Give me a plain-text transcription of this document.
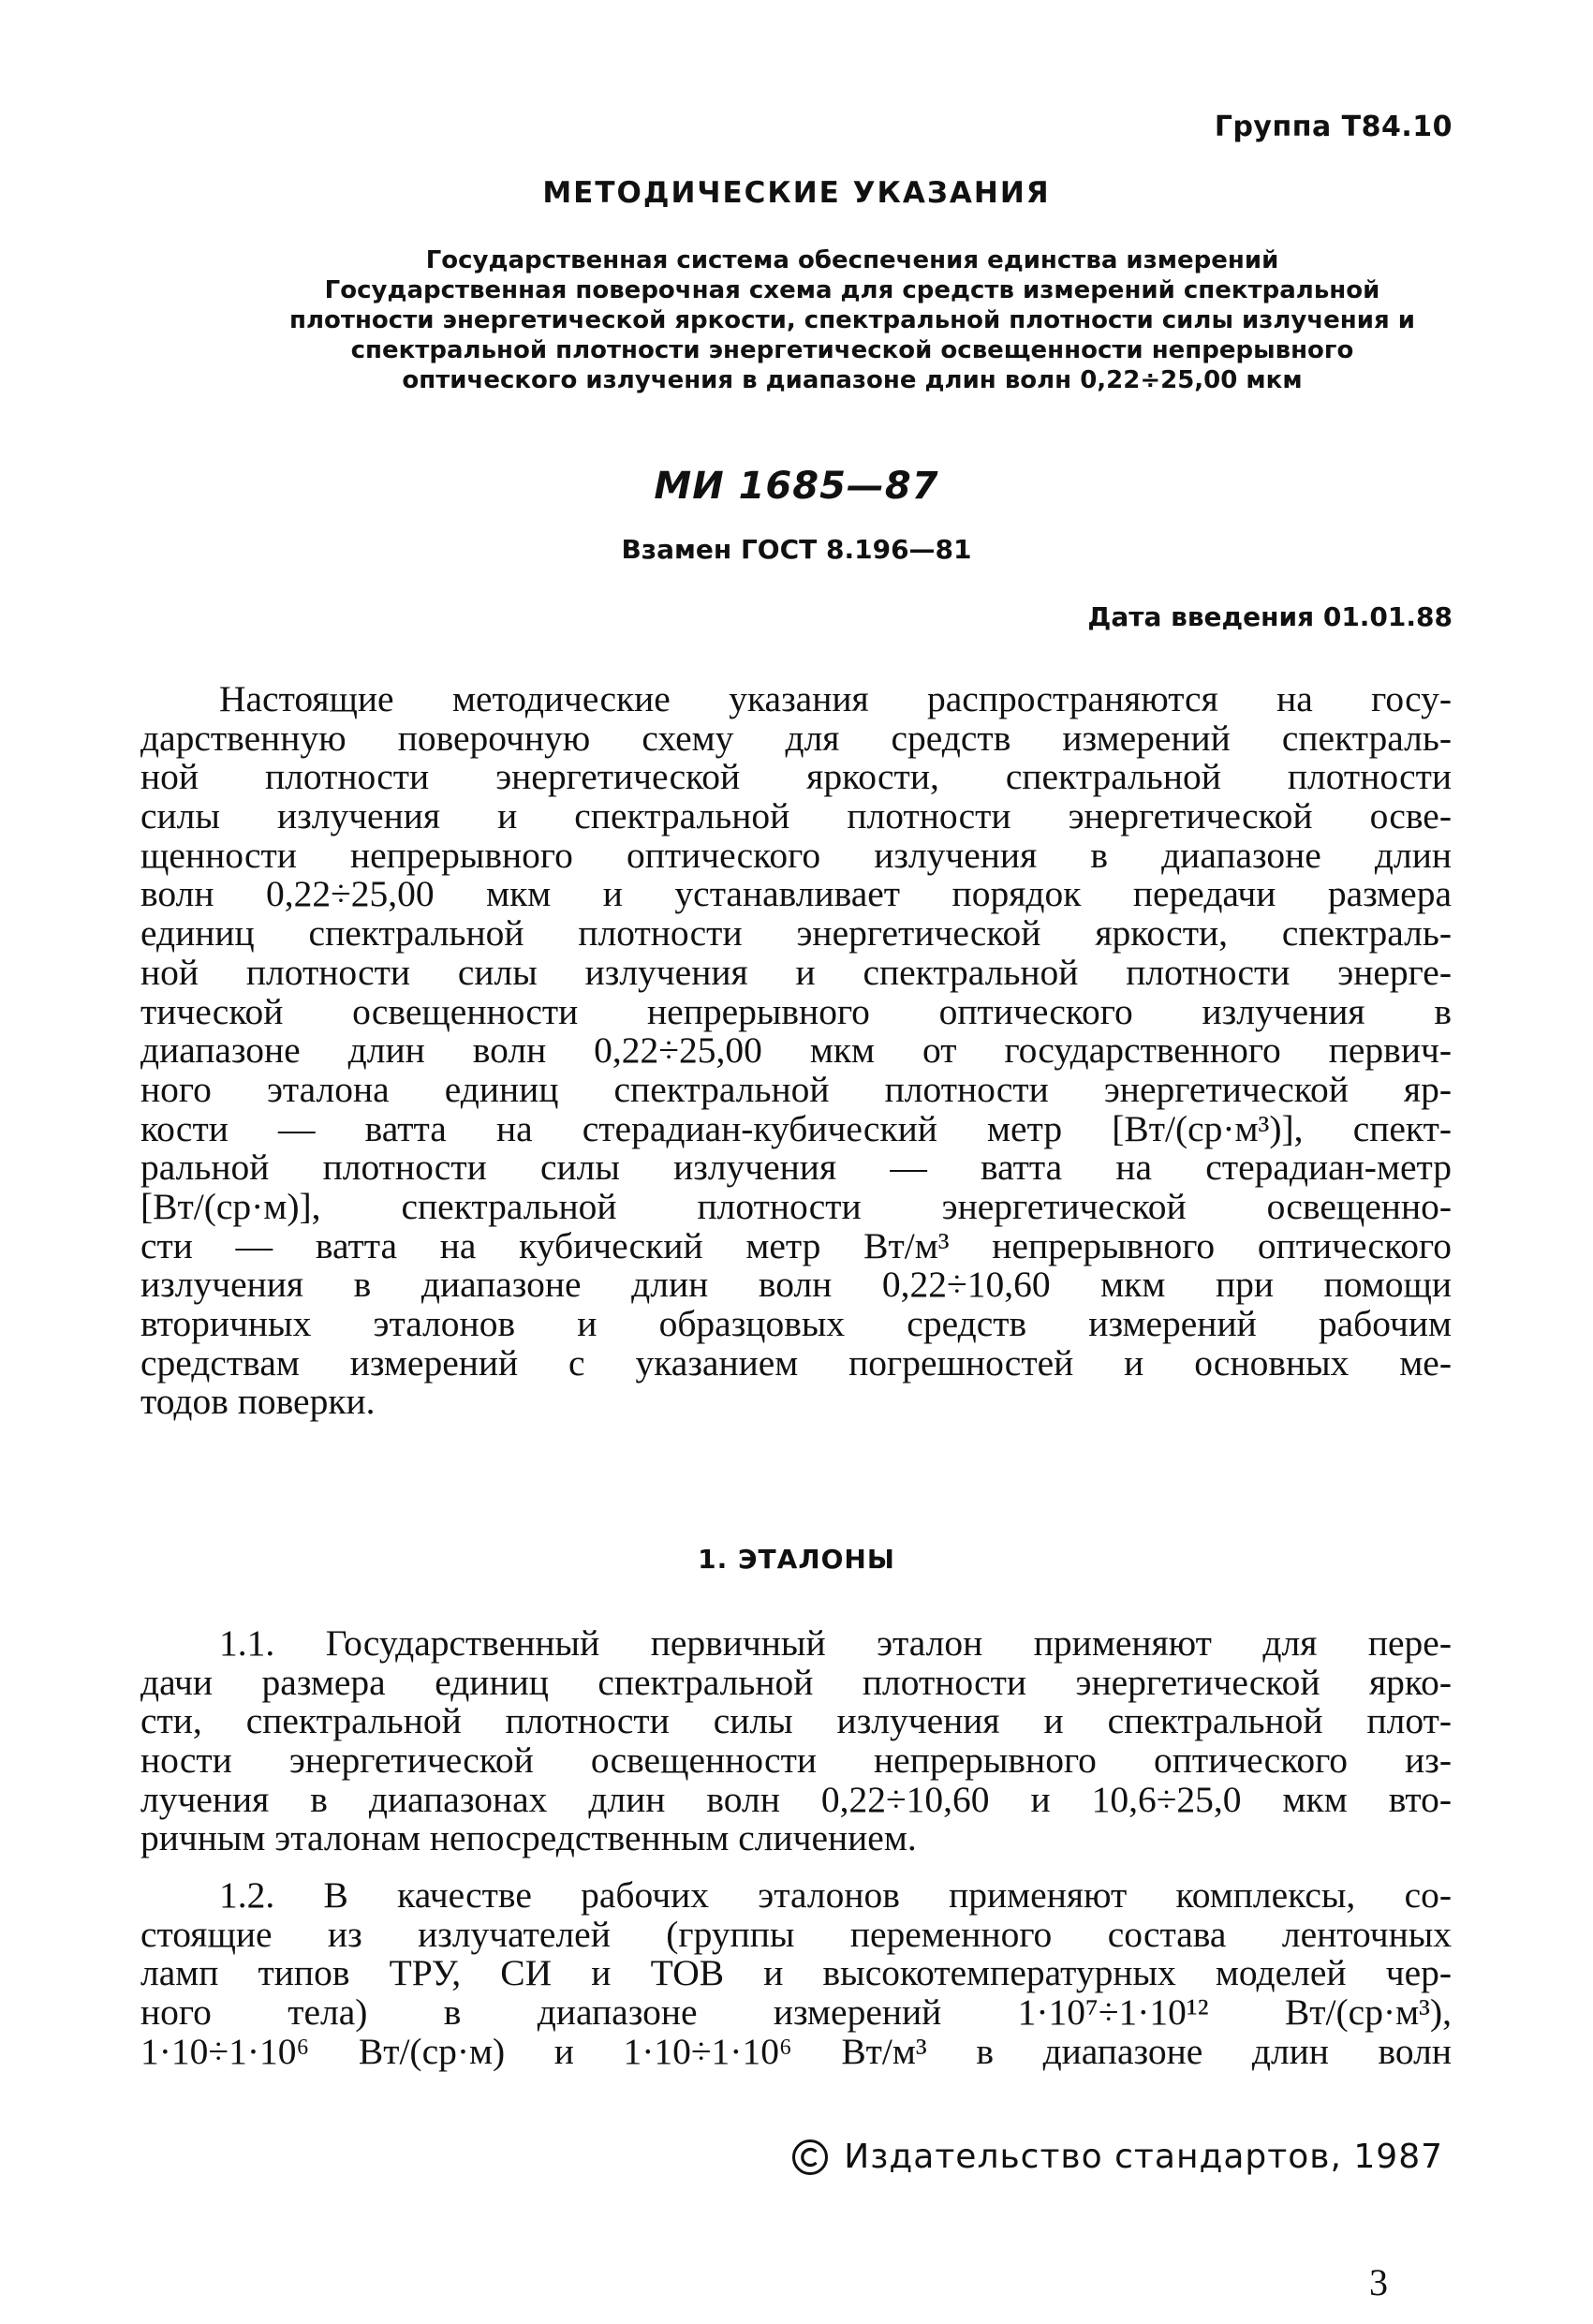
Группа Т84.10
МЕТОДИЧЕСКИЕ УКАЗАНИЯ
Государственная система обеспечения единства измерений
Государственная поверочная схема для средств измерений спектральной
плотности энергетической яркости, спектральной плотности силы излучения и
спектральной плотности энергетической освещенности непрерывного
оптического излучения в диапазоне длин волн 0,22÷25,00 мкм
МИ 1685—87
Взамен ГОСТ 8.196—81
Дата введения 01.01.88
Настоящие методические указания распространяются на госу-
дарственную поверочную схему для средств измерений спектраль-
ной плотности энергетической яркости, спектральной плотности
силы излучения и спектральной плотности энергетической осве-
щенности непрерывного оптического излучения в диапазоне длин
волн 0,22÷25,00 мкм и устанавливает порядок передачи размера
единиц спектральной плотности энергетической яркости, спектраль-
ной плотности силы излучения и спектральной плотности энерге-
тической освещенности непрерывного оптического излучения в
диапазоне длин волн 0,22÷25,00 мкм от государственного первич-
ного эталона единиц спектральной плотности энергетической яр-
кости — ватта на стерадиан-кубический метр [Вт/(ср·м³)], спект-
ральной плотности силы излучения — ватта на стерадиан-метр
[Вт/(ср·м)], спектральной плотности энергетической освещенно-
сти — ватта на кубический метр Вт/м³ непрерывного оптического
излучения в диапазоне длин волн 0,22÷10,60 мкм при помощи
вторичных эталонов и образцовых средств измерений рабочим
средствам измерений с указанием погрешностей и основных ме-
тодов поверки.
1. ЭТАЛОНЫ
1.1. Государственный первичный эталон применяют для пере-
дачи размера единиц спектральной плотности энергетической ярко-
сти, спектральной плотности силы излучения и спектральной плот-
ности энергетической освещенности непрерывного оптического из-
лучения в диапазонах длин волн 0,22÷10,60 и 10,6÷25,0 мкм вто-
ричным эталонам непосредственным сличением.
1.2. В качестве рабочих эталонов применяют комплексы, со-
стоящие из излучателей (группы переменного состава ленточных
ламп типов ТРУ, СИ и ТОВ и высокотемпературных моделей чер-
ного тела) в диапазоне измерений 1·10⁷÷1·10¹² Вт/(ср·м³),
1·10÷1·10⁶ Вт/(ср·м) и 1·10÷1·10⁶ Вт/м³ в диапазоне длин волн
Издательство стандартов, 1987
3
